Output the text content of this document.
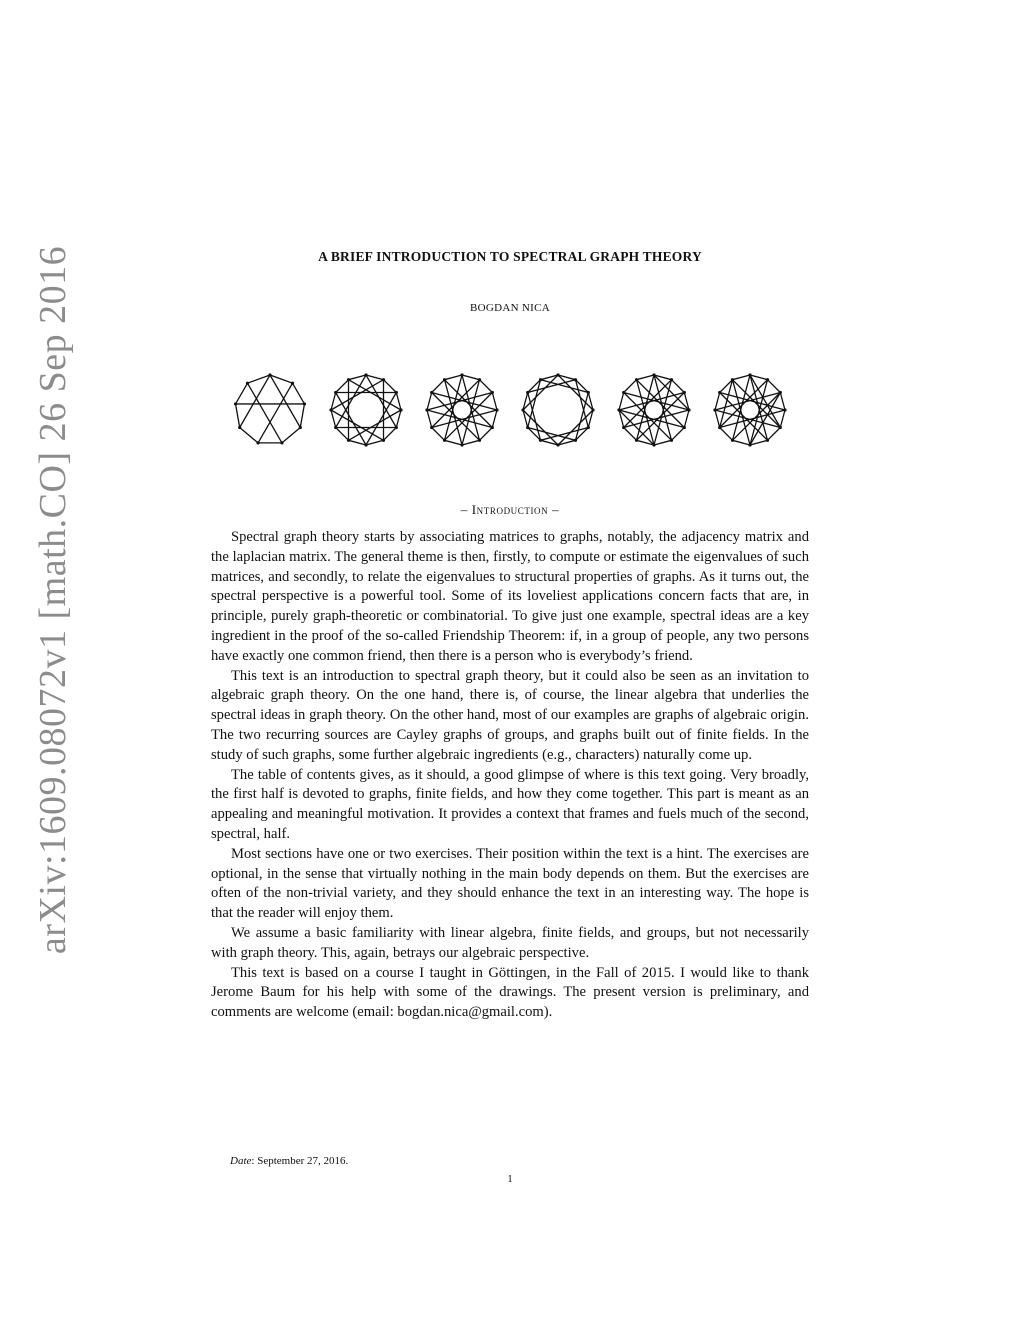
arXiv:1609.08072v1 [math.CO] 26 Sep 2016	A BRIEF INTRODUCTION TO SPECTRAL GRAPH THEORY
BOGDAN NICA
– Introduction –

Spectral graph theory starts by associating matrices to graphs, notably, the adjacency matrix and the laplacian matrix. The general theme is then, firstly, to compute or estimate the eigenvalues of such matrices, and secondly, to relate the eigenvalues to structural properties of graphs. As it turns out, the spectral perspective is a powerful tool. Some of its loveliest applications concern facts that are, in principle, purely graph-theoretic or combinatorial. To give just one example, spectral ideas are a key ingredient in the proof of the so-called Friendship Theorem: if, in a group of people, any two persons have exactly one common friend, then there is a person who is everybody’s friend.

This text is an introduction to spectral graph theory, but it could also be seen as an invitation to algebraic graph theory. On the one hand, there is, of course, the linear algebra that underlies the spectral ideas in graph theory. On the other hand, most of our examples are graphs of algebraic origin. The two recurring sources are Cayley graphs of groups, and graphs built out of finite fields. In the study of such graphs, some further algebraic ingredients (e.g., characters) naturally come up.

The table of contents gives, as it should, a good glimpse of where is this text going. Very broadly, the first half is devoted to graphs, finite fields, and how they come together. This part is meant as an appealing and meaningful motivation. It provides a context that frames and fuels much of the second, spectral, half.

Most sections have one or two exercises. Their position within the text is a hint. The exercises are optional, in the sense that virtually nothing in the main body depends on them. But the exercises are often of the non-trivial variety, and they should enhance the text in an interesting way. The hope is that the reader will enjoy them.

We assume a basic familiarity with linear algebra, finite fields, and groups, but not necessarily with graph theory. This, again, betrays our algebraic perspective.

This text is based on a course I taught in Göttingen, in the Fall of 2015. I would like to thank Jerome Baum for his help with some of the drawings. The present version is preliminary, and comments are welcome (email: bogdan.nica@gmail.com).

Date: September 27, 2016.
1
